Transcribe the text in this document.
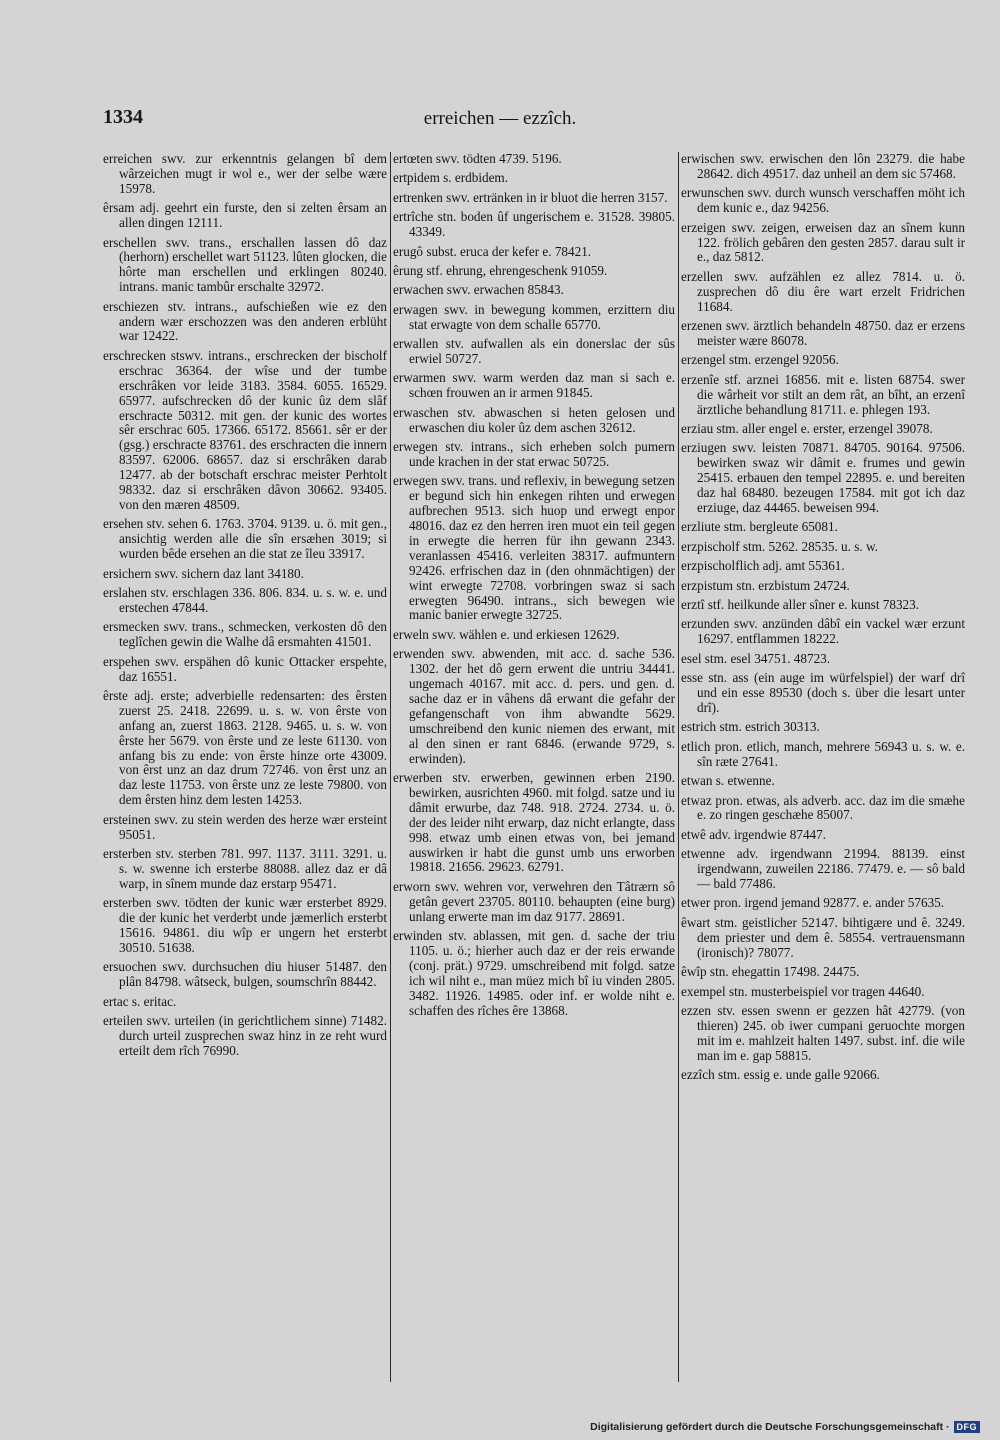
1334	erreichen — ezzîch.

erreichen swv. zur erkenntnis gelangen bî dem wârzeichen mugt ir wol e., wer der selbe wære 15978.

êrsam adj. geehrt ein furste, den si zelten êrsam an allen dingen 12111.

erschellen swv. trans., erschallen lassen dô daz (herhorn) erschellet wart 51123. lûten glocken, die hôrte man erschellen und erklingen 80240. intrans. manic tambûr erschalte 32972.

erschiezen stv. intrans., aufschießen wie ez den andern wær erschozzen was den anderen erblüht war 12422.

erschrecken stswv. intrans., erschrecken der bischolf erschrac 36364. der wîse und der tumbe erschrâken vor leide 3183. 3584. 6055. 16529. 65977. aufschrecken dô der kunic ûz dem slâf erschracte 50312. mit gen. der kunic des wortes sêr erschrac 605. 17366. 65172. 85661. sêr er der (gsg.) erschracte 83761. des erschracten die innern 83597. 62006. 68657. daz si erschrâken darab 12477. ab der botschaft erschrac meister Perhtolt 98332. daz si erschrâken dâvon 30662. 93405. von den mæren 48509.

ersehen stv. sehen 6. 1763. 3704. 9139. u. ö. mit gen., ansichtig werden alle die sîn ersæhen 3019; si wurden bêde ersehen an die stat ze îleu 33917.

ersichern swv. sichern daz lant 34180.

erslahen stv. erschlagen 336. 806. 834. u. s. w. e. und erstechen 47844.

ersmecken swv. trans., schmecken, verkosten dô den teglîchen gewin die Walhe dâ ersmahten 41501.

erspehen swv. erspähen dô kunic Ottacker erspehte, daz 16551.

êrste adj. erste; adverbielle redensarten: des êrsten zuerst 25. 2418. 22699. u. s. w. von êrste von anfang an, zuerst 1863. 2128. 9465. u. s. w. von êrste her 5679. von êrste und ze leste 61130. von anfang bis zu ende: von êrste hinze orte 43009. von êrst unz an daz drum 72746. von êrst unz an daz leste 11753. von êrste unz ze leste 79800. von dem êrsten hinz dem lesten 14253.

ersteinen swv. zu stein werden des herze wær ersteint 95051.

ersterben stv. sterben 781. 997. 1137. 3111. 3291. u. s. w. swenne ich ersterbe 88088. allez daz er dâ warp, in sînem munde daz erstarp 95471.

ersterben swv. tödten der kunic wær ersterbet 8929. die der kunic het verderbt unde jæmerlich ersterbt 15616. 94861. diu wîp er ungern het ersterbt 30510. 51638.

ersuochen swv. durchsuchen diu hiuser 51487. den plân 84798. wâtseck, bulgen, soumschrîn 88442.

ertac s. eritac.

erteilen swv. urteilen (in gerichtlichem sinne) 71482. durch urteil zusprechen swaz hinz in ze reht wurd erteilt dem rîch 76990.

ertœten swv. tödten 4739. 5196.

ertpidem s. erdbidem.

ertrenken swv. ertränken in ir bluot die herren 3157.

ertrîche stn. boden ûf ungerischem e. 31528. 39805. 43349.

erugô subst. eruca der kefer e. 78421.

êrung stf. ehrung, ehrengeschenk 91059.

erwachen swv. erwachen 85843.

erwagen swv. in bewegung kommen, erzittern diu stat erwagte von dem schalle 65770.

erwallen stv. aufwallen als ein donerslac der sûs erwiel 50727.

erwarmen swv. warm werden daz man si sach e. schœn frouwen an ir armen 91845.

erwaschen stv. abwaschen si heten gelosen und erwaschen diu koler ûz dem aschen 32612.

erwegen stv. intrans., sich erheben solch pumern unde krachen in der stat erwac 50725.

erwegen swv. trans. und reflexiv, in bewegung setzen er begund sich hin enkegen rihten und erwegen aufbrechen 9513. sich huop und erwegt enpor 48016. daz ez den herren iren muot ein teil gegen in erwegte die herren für ihn gewann 2343. veranlassen 45416. verleiten 38317. aufmuntern 92426. erfrischen daz in (den ohnmächtigen) der wint erwegte 72708. vorbringen swaz si sach erwegten 96490. intrans., sich bewegen wie manic banier erwegte 32725.

erweln swv. wählen e. und erkiesen 12629.

erwenden swv. abwenden, mit acc. d. sache 536. 1302. der het dô gern erwent die untriu 34441. ungemach 40167. mit acc. d. pers. und gen. d. sache daz er in vâhens dâ erwant die gefahr der gefangenschaft von ihm abwandte 5629. umschreibend den kunic niemen des erwant, mit al den sinen er rant 6846. (erwande 9729, s. erwinden).

erwerben stv. erwerben, gewinnen erben 2190. bewirken, ausrichten 4960. mit folgd. satze und iu dâmit erwurbe, daz 748. 918. 2724. 2734. u. ö. der des leider niht erwarp, daz nicht erlangte, dass 998. etwaz umb einen etwas von, bei jemand auswirken ir habt die gunst umb uns erworben 19818. 21656. 29623. 62791.

erworn swv. wehren vor, verwehren den Tâtrærn sô getân gevert 23705. 80110. behaupten (eine burg) unlang erwerte man im daz 9177. 28691.

erwinden stv. ablassen, mit gen. d. sache der triu 1105. u. ö.; hierher auch daz er der reis erwande (conj. prät.) 9729. umschreibend mit folgd. satze ich wil niht e., man müez mich bî iu vinden 2805. 3482. 11926. 14985. oder inf. er wolde niht e. schaffen des rîches êre 13868.

erwischen swv. erwischen den lôn 23279. die habe 28642. dich 49517. daz unheil an dem sic 57468.

erwunschen swv. durch wunsch verschaffen möht ich dem kunic e., daz 94256.

erzeigen swv. zeigen, erweisen daz an sînem kunn 122. frölich gebâren den gesten 2857. darau sult ir e., daz 5812.

erzellen swv. aufzählen ez allez 7814. u. ö. zusprechen dô diu êre wart erzelt Fridrichen 11684.

erzenen swv. ärztlich behandeln 48750. daz er erzens meister wære 86078.

erzengel stm. erzengel 92056.

erzenîe stf. arznei 16856. mit e. listen 68754. swer die wârheit vor stilt an dem rât, an bîht, an erzenî ärztliche behandlung 81711. e. phlegen 193.

erziau stm. aller engel e. erster, erzengel 39078.

erziugen swv. leisten 70871. 84705. 90164. 97506. bewirken swaz wir dâmit e. frumes und gewin 25415. erbauen den tempel 22895. e. und bereiten daz hal 68480. bezeugen 17584. mit got ich daz erziuge, daz 44465. beweisen 994.

erzliute stm. bergleute 65081.

erzpischolf stm. 5262. 28535. u. s. w.

erzpischolflich adj. amt 55361.

erzpistum stn. erzbistum 24724.

erztî stf. heilkunde aller sîner e. kunst 78323.

erzunden swv. anzünden dâbî ein vackel wær erzunt 16297. entflammen 18222.

esel stm. esel 34751. 48723.

esse stn. ass (ein auge im würfelspiel) der warf drî und ein esse 89530 (doch s. über die lesart unter drî).

estrich stm. estrich 30313.

etlich pron. etlich, manch, mehrere 56943 u. s. w. e. sîn ræte 27641.

etwan s. etwenne.

etwaz pron. etwas, als adverb. acc. daz im die smæhe e. zo ringen geschæhe 85007.

etwê adv. irgendwie 87447.

etwenne adv. irgendwann 21994. 88139. einst irgendwann, zuweilen 22186. 77479. e. — sô bald — bald 77486.

etwer pron. irgend jemand 92877. e. ander 57635.

êwart stm. geistlicher 52147. bihtigære und ê. 3249. dem priester und dem ê. 58554. vertrauensmann (ironisch)? 78077.

êwîp stn. ehegattin 17498. 24475.

exempel stn. musterbeispiel vor tragen 44640.

ezzen stv. essen swenn er gezzen hât 42779. (von thieren) 245. ob iwer cumpani geruochte morgen mit im e. mahlzeit halten 1497. subst. inf. die wile man im e. gap 58815.

ezzîch stm. essig e. unde galle 92066.

Digitalisierung gefördert durch die Deutsche Forschungsgemeinschaft · DFG
